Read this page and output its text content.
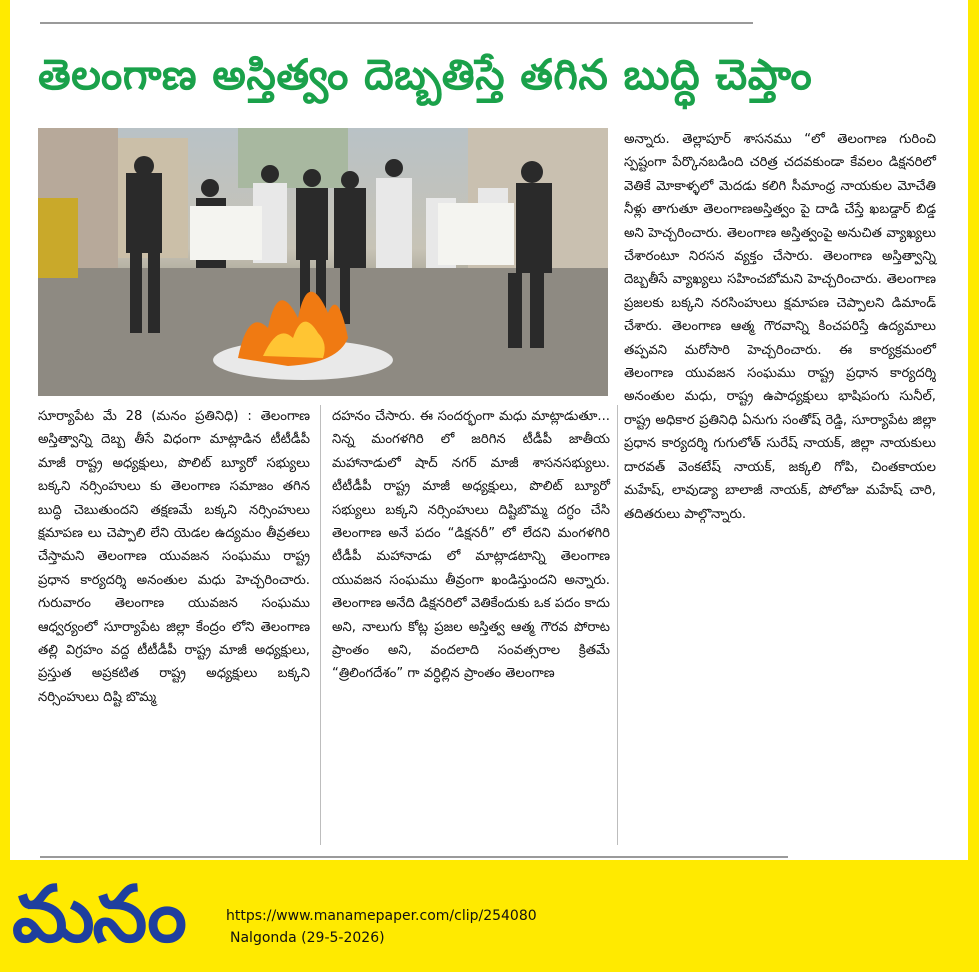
తెలంగాణ అస్తిత్వం దెబ్బతిస్తే తగిన బుద్ధి చెప్తాం
సూర్యాపేట మే 28 (మనం ప్రతినిధి) : తెలంగాణ అస్తిత్వాన్ని దెబ్బ తీసే విధంగా మాట్లాడిన టీటీడీపీ మాజీ రాష్ట్ర అధ్యక్షులు, పొలిట్ బ్యూరో సభ్యులు బక్కని నర్సింహులు కు తెలంగాణ సమాజం తగిన బుద్ధి చెబుతుందని తక్షణమే బక్కని నర్సింహులు క్షమాపణ లు చెప్పాలి లేని యెడల ఉద్యమం తీవ్రతలు చేస్తామని తెలంగాణ యువజన సంఘము రాష్ట్ర ప్రధాన కార్యదర్శి అనంతుల మధు హెచ్చరించారు. గురువారం తెలంగాణ యువజన సంఘము ఆధ్వర్యంలో సూర్యాపేట జిల్లా కేంద్రం లోని తెలంగాణ తల్లి విగ్రహం వద్ద టీటీడీపీ రాష్ట్ర మాజీ అధ్యక్షులు, ప్రస్తుత అప్రకటిత రాష్ట్ర అధ్యక్షులు బక్కని నర్సింహులు దిష్టి బొమ్మ
దహనం చేసారు. ఈ సందర్భంగా మధు మాట్లాడుతూ... నిన్న మంగళగిరి లో జరిగిన టీడీపీ జాతీయ మహానాడులో షాద్ నగర్ మాజీ శాసనసభ్యులు. టీటీడీపీ రాష్ట్ర మాజీ అధ్యక్షులు, పొలిట్ బ్యూరో సభ్యులు బక్కని నర్సింహులు దిష్టిబొమ్మ దగ్ధం చేసి తెలంగాణ అనే పదం “డిక్షనరీ” లో లేదని మంగళగిరి టీడీపీ మహానాడు లో మాట్లాడటాన్ని తెలంగాణ యువజన సంఘము తీవ్రంగా ఖండిస్తుందని అన్నారు. తెలంగాణ అనేది డిక్షనరిలో వెతికేందుకు ఒక పదం కాదు అని, నాలుగు కోట్ల ప్రజల అస్తిత్వ ఆత్మ గౌరవ పోరాట ప్రాంతం అని, వందలాది సంవత్సరాల క్రితమే “త్రిలింగదేశం” గా వర్ధిల్లిన ప్రాంతం తెలంగాణ
అన్నారు. తెల్లాపూర్ శాసనము “లో తెలంగాణ గురించి స్పష్టంగా పేర్కొనబడింది చరిత్ర చదవకుండా కేవలం డిక్షనరిలో వెతికే మోకాళ్ళలో మెదడు కలిగి సీమాంధ్ర నాయకుల మోచేతి నీళ్లు తాగుతూ తెలంగాణఅస్తిత్వం పై దాడి చేస్తే ఖబడ్దార్ బిడ్డ అని హెచ్చరించారు. తెలంగాణ అస్తిత్వంపై అనుచిత వ్యాఖ్యలు చేశారంటూ నిరసన వ్యక్తం చేసారు. తెలంగాణ అస్తిత్వాన్ని దెబ్బతీసే వ్యాఖ్యలు సహించబోమని హెచ్చరించారు. తెలంగాణ ప్రజలకు బక్కని నరసింహులు క్షమాపణ చెప్పాలని డిమాండ్ చేశారు. తెలంగాణ ఆత్మ గౌరవాన్ని కించపరిస్తే ఉద్యమాలు తప్పవని మరోసారి హెచ్చరించారు. ఈ కార్యక్రమంలో తెలంగాణ యువజన సంఘము రాష్ట్ర ప్రధాన కార్యదర్శి అనంతుల మధు, రాష్ట్ర ఉపాధ్యక్షులు భాషిపంగు సునీల్, రాష్ట్ర అధికార ప్రతినిధి ఏనుగు సంతోష్ రెడ్డి, సూర్యాపేట జిల్లా ప్రధాన కార్యదర్శి గుగులోత్ సురేష్ నాయక్, జిల్లా నాయకులు దారవత్ వెంకటేష్ నాయక్, జక్కలి గోపి, చింతకాయల మహేష్, లావుడ్యా బాలాజీ నాయక్, పోలోజు మహేష్ చారి, తదితరులు పాల్గొన్నారు.
మనం	https://www.manamepaper.com/clip/254080
Nalgonda (29-5-2026)
